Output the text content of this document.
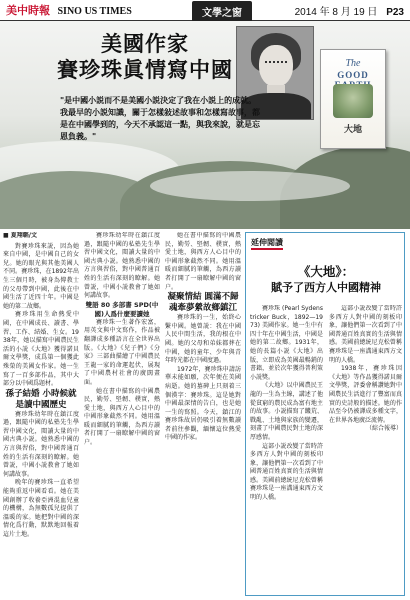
美中時報 SINO US TIMES	文學之窗	2014 年 8 月 19 日 P23
美國作家
賽珍珠眞情寫中國	The
GOOD
大地
"是中國小説而不是美國小説決定了我在小説上的成就。我最早的小説知識，關于怎樣敍述故事和怎樣寫故事，都是在中國學到的，今天不承認這一點，與我來說，就是忘恩負義。"

■ 夏翔韜/文

對賽珍珠來説，因為她來自中國，是中國自己的女兒。她的眼光與其他美國人不同。賽珍珠，在1892年出生三個月時，被身為傳教士的父母帶到中國，此後在中國生活了近四十年。中國是她的第二故鄉。

賽珍珠用生命熱愛中國，在中國成長、讀書、學習、工作、結婚、生女。1938年，她以描寫中國農民生活的小説《大地》獲得諾貝爾文學獎，成爲第一個獲此殊榮的美國女作家。她一生寫了一百多部作品，其中大部分以中國爲題材。

孫子結婚 小時候就是讀中國歷史

賽珍珠幼年時在鎮江度過，跟隨中國的私塾先生學習中國文化，閲讀大量的中國古典小説。她熟悉中國的方言與習俗，對中國普通百姓的生活有深刻的瞭解。她曾説，中國小説教會了她如何講故事。

晚年的賽珍珠一直希望能夠重返中國看看。她在美國創辦了收養亞洲混血兒童的機構，為無數孤兒提供了溫暖的家。她把對中國的深情化爲行動，默默地回報着這片土地。

賽珍珠幼年時在鎮江度過，跟隨中國的私塾先生學習中國文化，閲讀大量的中國古典小説。她熟悉中國的方言與習俗，對中國普通百姓的生活有深刻的瞭解。她曾説，中國小説教會了她如何講故事。

雙語 80 多部書 SPD(中國)人爲什麼要讀她

賽珍珠一生著作宏富，用英文與中文寫作，作品被翻譯成多種語言在全世界出版。《大地》《兒子們》《分家》三部曲描繪了中國農民王龍一家的命運起伏，展現了中國農村社會的廣闊畫面。

她在書中描寫的中國農民，勤勞、堅韌、樸實，熱愛土地，與西方人心目中的中國形象截然不同。她用溫暖而細膩的筆觸，為西方讀者打開了一扇瞭解中國的窗户。

她在書中描寫的中國農民，勤勞、堅韌、樸實，熱愛土地，與西方人心目中的中國形象截然不同。她用溫暖而細膩的筆觸，為西方讀者打開了一扇瞭解中國的窗户。

凝聚情結 圓滿不歸 魂牽夢縈故鄉鎮江

賽珍珠的一生，始終心繫中國。她曾説：我在中國人民中間生活，我的根在中國。她的父母和弟妹都葬在中國，她的童年、少年與青年時光都在中國度過。

1972年，賽珍珠申請訪華未能如願，次年便在美國病逝。她的墓碑上只刻着三個漢字：賽珍珠。這是她對中國最深情的告白，也是她一生的寫照。今天，鎮江的賽珍珠故居仍吸引着無數讀者前往參觀，緬懷這位熱愛中國的作家。

延伸閲讀
《大地》：
賦予了西方人中國精神

賽珍珠 (Pearl Sydenstricker Buck，1892—1973) 美國作家。她一生中有四十年在中國生活，中國是她的第二故鄉。1931年，她的長篇小説《大地》出版，立即成為美國最暢銷的書籍，並於次年獲得普利策小説獎。

《大地》以中國農民王龍的一生為主線，講述了他從貧窮的農民成為富有地主的故事。小説描寫了饑荒、戰亂、土地與家族的變遷，刻畫了中國農民對土地的深厚感情。

這部小説改變了當時許多西方人對中國的刻板印象，讓他們第一次看到了中國普通百姓真實的生活與情感。美國前總統尼克松曾稱賽珍珠是一座溝通東西方文明的人橋。

這部小説改變了當時許多西方人對中國的刻板印象，讓他們第一次看到了中國普通百姓真實的生活與情感。美國前總統尼克松曾稱賽珍珠是一座溝通東西方文明的人橋。

1938年，賽珍珠因《大地》等作品獲得諾貝爾文學獎，評委會稱讚她對中國農民生活進行了豐富而真實的史詩般的描述。她的作品至今仍被譯成多種文字，在世界各地廣泛流傳。

（綜合報導）
